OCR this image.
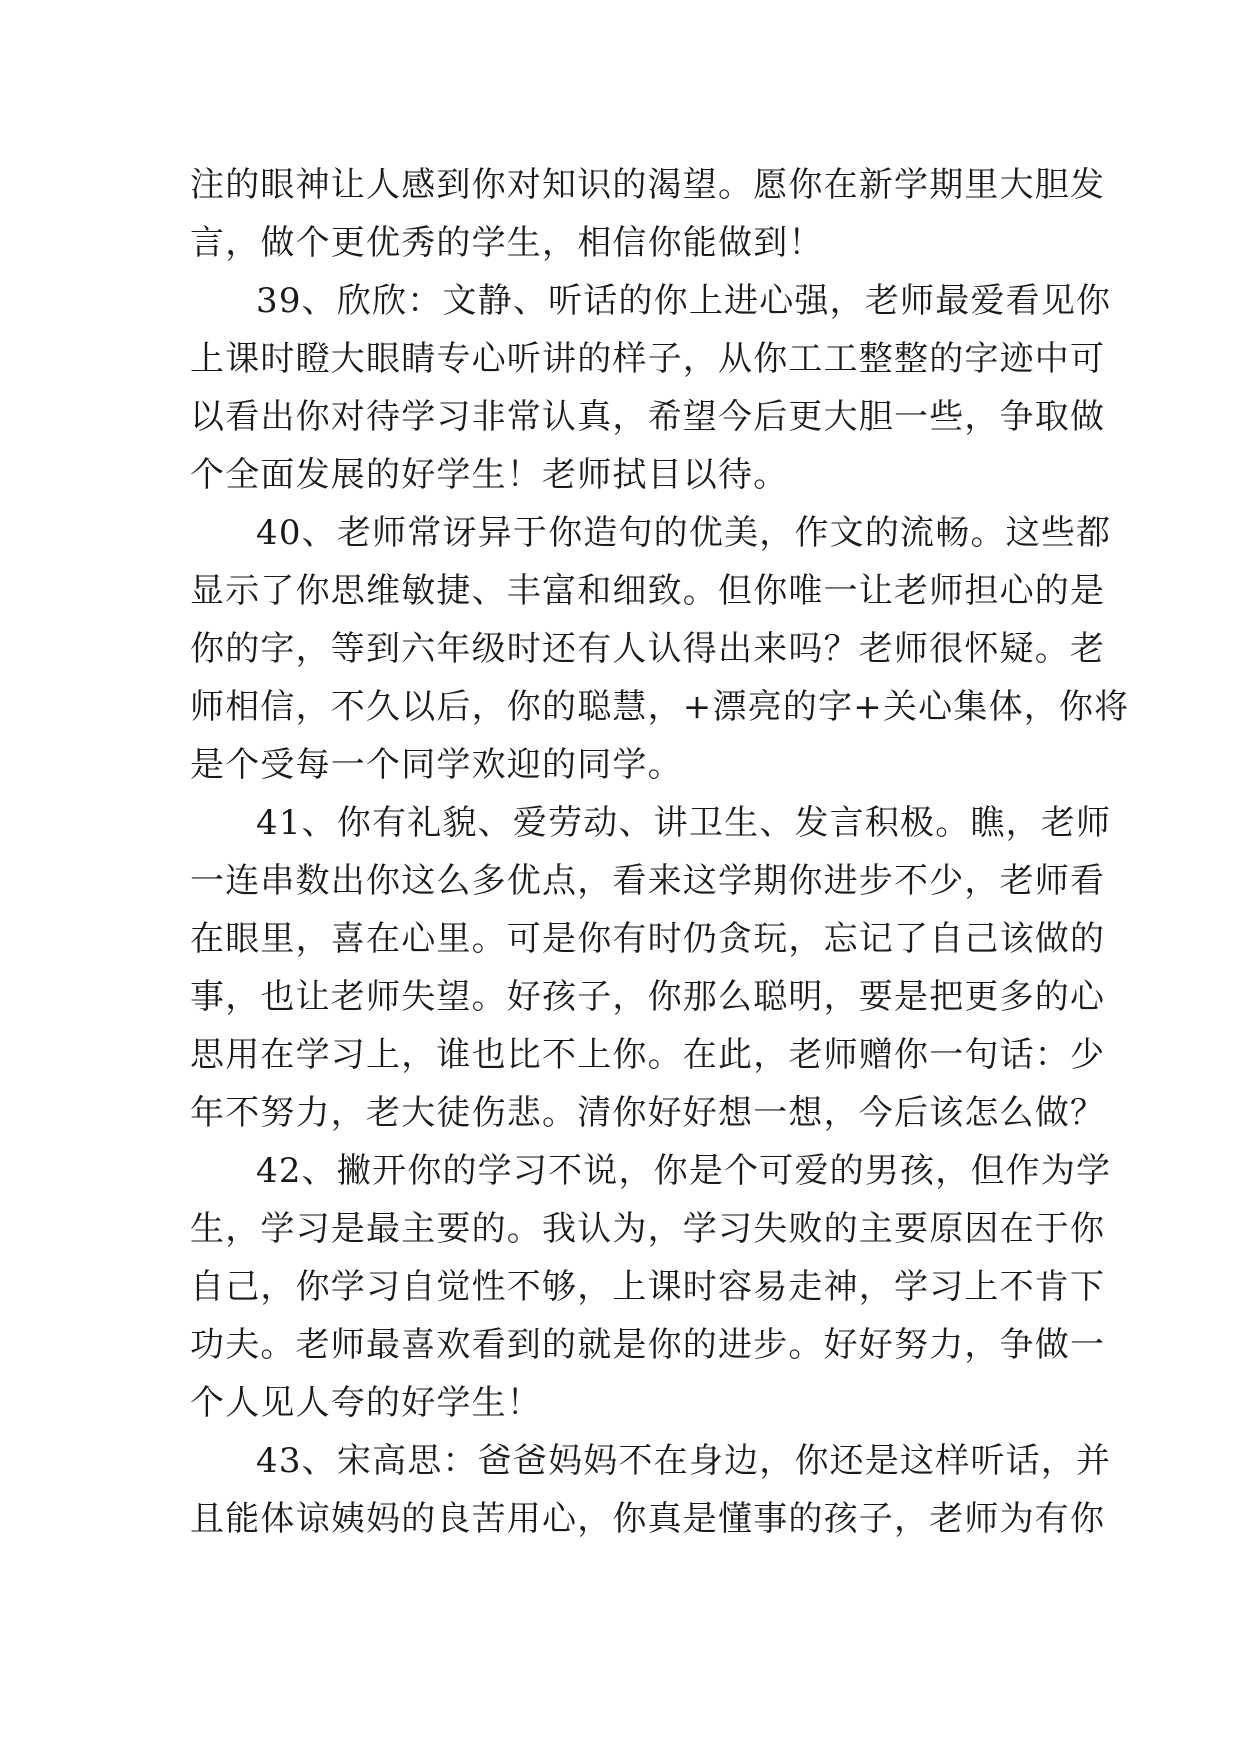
注的眼神让人感到你对知识的渴望。愿你在新学期里大胆发
言，做个更优秀的学生，相信你能做到！
39、欣欣：文静、听话的你上进心强，老师最爱看见你
上课时瞪大眼睛专心听讲的样子，从你工工整整的字迹中可
以看出你对待学习非常认真，希望今后更大胆一些，争取做
个全面发展的好学生！老师拭目以待。
40、老师常讶异于你造句的优美，作文的流畅。这些都
显示了你思维敏捷、丰富和细致。但你唯一让老师担心的是
你的字，等到六年级时还有人认得出来吗？老师很怀疑。老
师相信，不久以后，你的聪慧，+漂亮的字+关心集体，你将
是个受每一个同学欢迎的同学。
41、你有礼貌、爱劳动、讲卫生、发言积极。瞧，老师
一连串数出你这么多优点，看来这学期你进步不少，老师看
在眼里，喜在心里。可是你有时仍贪玩，忘记了自己该做的
事，也让老师失望。好孩子，你那么聪明，要是把更多的心
思用在学习上，谁也比不上你。在此，老师赠你一句话：少
年不努力，老大徒伤悲。清你好好想一想，今后该怎么做？
42、撇开你的学习不说，你是个可爱的男孩，但作为学
生，学习是最主要的。我认为，学习失败的主要原因在于你
自己，你学习自觉性不够，上课时容易走神，学习上不肯下
功夫。老师最喜欢看到的就是你的进步。好好努力，争做一
个人见人夸的好学生！
43、宋高思：爸爸妈妈不在身边，你还是这样听话，并
且能体谅姨妈的良苦用心，你真是懂事的孩子，老师为有你
